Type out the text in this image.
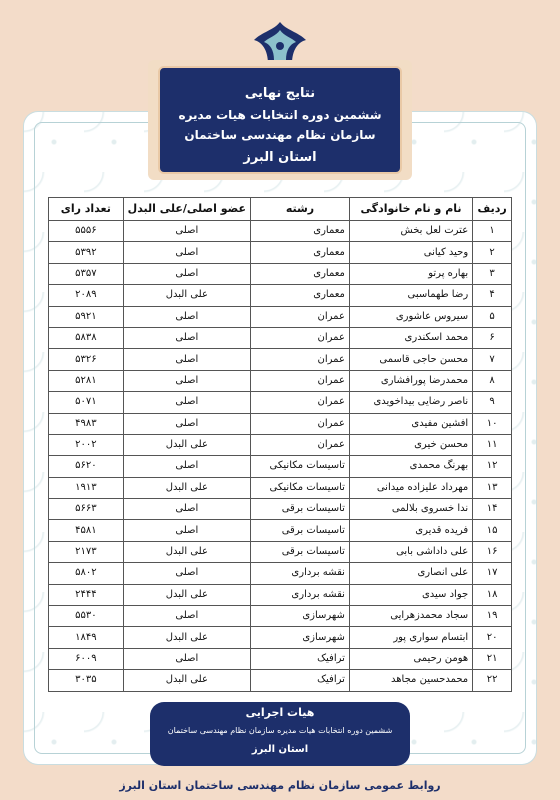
نتایج نهایی
ششمین دوره انتخابات هیات مدیره
سازمان نظام مهندسی ساختمان
استان البرز
ردیف	نام و نام خانوادگی	رشته	عضو اصلی/علی البدل	تعداد رای
۱	عترت لعل بخش	معماری	اصلی	۵۵۵۶
۲	وحید کیانی	معماری	اصلی	۵۳۹۲
۳	بهاره پرتو	معماری	اصلی	۵۳۵۷
۴	رضا طهماسبی	معماری	علی البدل	۲۰۸۹
۵	سیروس عاشوری	عمران	اصلی	۵۹۲۱
۶	محمد اسکندری	عمران	اصلی	۵۸۳۸
۷	محسن حاجی قاسمی	عمران	اصلی	۵۳۲۶
۸	محمدرضا پورافشاری	عمران	اصلی	۵۲۸۱
۹	ناصر رضایی بیداخویدی	عمران	اصلی	۵۰۷۱
۱۰	افشین مفیدی	عمران	اصلی	۴۹۸۳
۱۱	محسن خیری	عمران	علی البدل	۲۰۰۲
۱۲	بهرنگ محمدی	تاسیسات مکانیکی	اصلی	۵۶۲۰
۱۳	مهرداد علیزاده میدانی	تاسیسات مکانیکی	علی البدل	۱۹۱۳
۱۴	ندا خسروی بلالمی	تاسیسات برقی	اصلی	۵۶۶۳
۱۵	فریده قدیری	تاسیسات برقی	اصلی	۴۵۸۱
۱۶	علی داداشی بابی	تاسیسات برقی	علی البدل	۲۱۷۳
۱۷	علی انصاری	نقشه برداری	اصلی	۵۸۰۲
۱۸	جواد سیدی	نقشه برداری	علی البدل	۲۴۴۴
۱۹	سجاد محمدزهرایی	شهرسازی	اصلی	۵۵۳۰
۲۰	ابتسام سواری پور	شهرسازی	علی البدل	۱۸۴۹
۲۱	هومن رحیمی	ترافیک	اصلی	۶۰۰۹
۲۲	محمدحسین مجاهد	ترافیک	علی البدل	۳۰۳۵
هیات اجرایی
ششمین دوره انتخابات هیات مدیره سازمان نظام مهندسی ساختمان
استان البرز
روابط عمومی سازمان نظام مهندسی ساختمان استان البرز
